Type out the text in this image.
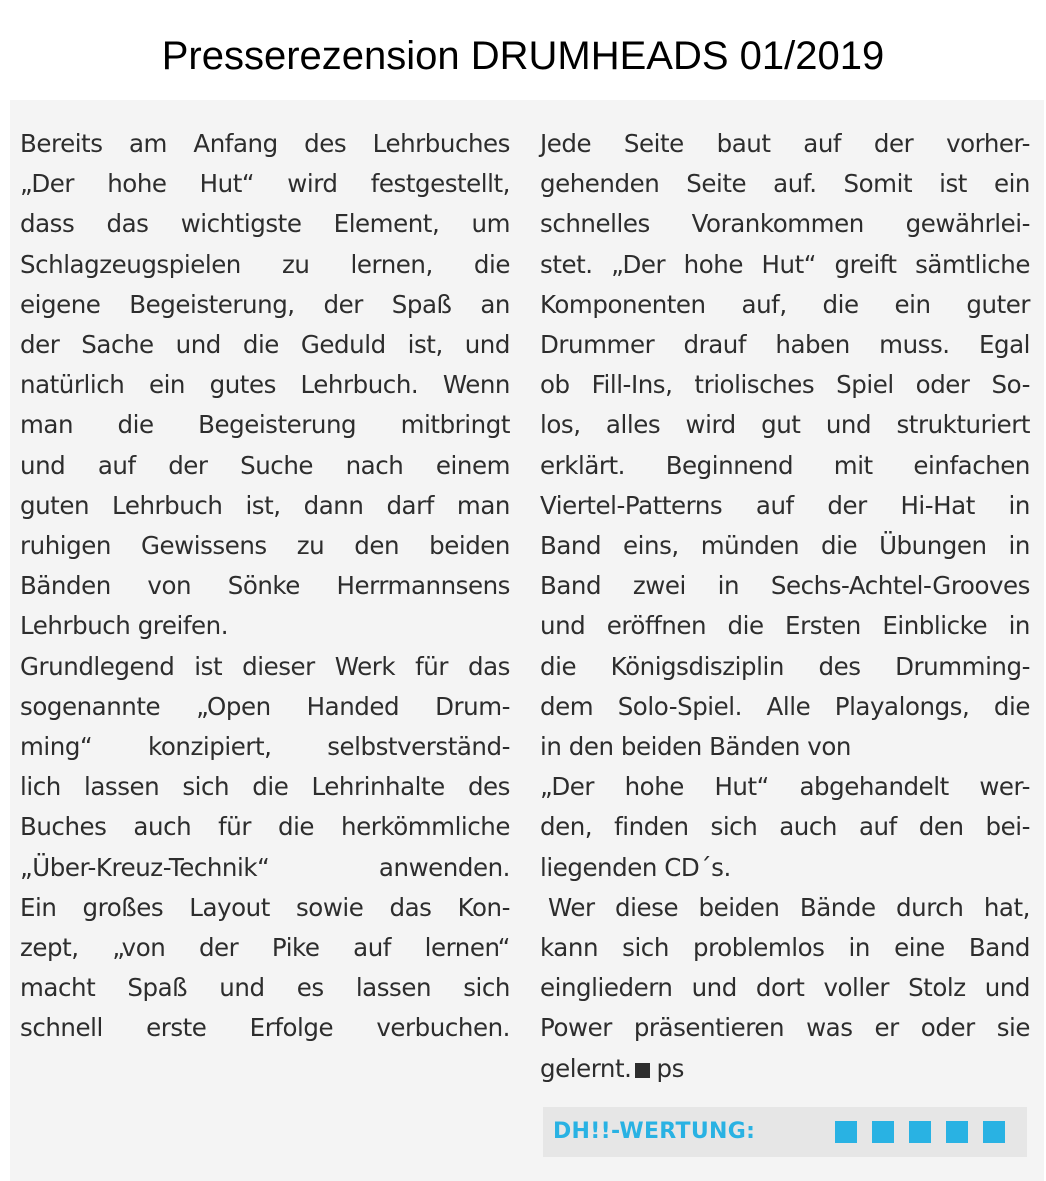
Presserezension DRUMHEADS 01/2019
Bereits am Anfang des Lehrbuches
„Der hohe Hut“ wird festgestellt,
dass das wichtigste Element, um
Schlagzeugspielen zu lernen, die
eigene Begeisterung, der Spaß an
der Sache und die Geduld ist, und
natürlich ein gutes Lehrbuch. Wenn
man die Begeisterung mitbringt
und auf der Suche nach einem
guten Lehrbuch ist, dann darf man
ruhigen Gewissens zu den beiden
Bänden von Sönke Herrmannsens
Lehrbuch greifen.
Grundlegend ist dieser Werk für das
sogenannte „Open Handed Drum-
ming“ konzipiert, selbstverständ-
lich lassen sich die Lehrinhalte des
Buches auch für die herkömmliche
„Über-Kreuz-Technik“ anwenden.
Ein großes Layout sowie das Kon-
zept, „von der Pike auf lernen“
macht Spaß und es lassen sich
schnell erste Erfolge verbuchen.
Jede Seite baut auf der vorher-
gehenden Seite auf. Somit ist ein
schnelles Vorankommen gewährlei-
stet. „Der hohe Hut“ greift sämtliche
Komponenten auf, die ein guter
Drummer drauf haben muss. Egal
ob Fill-Ins, triolisches Spiel oder So-
los, alles wird gut und strukturiert
erklärt. Beginnend mit einfachen
Viertel-Patterns auf der Hi-Hat in
Band eins, münden die Übungen in
Band zwei in Sechs-Achtel-Grooves
und eröffnen die Ersten Einblicke in
die Königsdisziplin des Drumming-
dem Solo-Spiel. Alle Playalongs, die
in den beiden Bänden von
„Der hohe Hut“ abgehandelt wer-
den, finden sich auch auf den bei-
liegenden CD´s.
Wer diese beiden Bände durch hat,
kann sich problemlos in eine Band
eingliedern und dort voller Stolz und
Power präsentieren was er oder sie
gelernt. ps
DH!!-WERTUNG:
